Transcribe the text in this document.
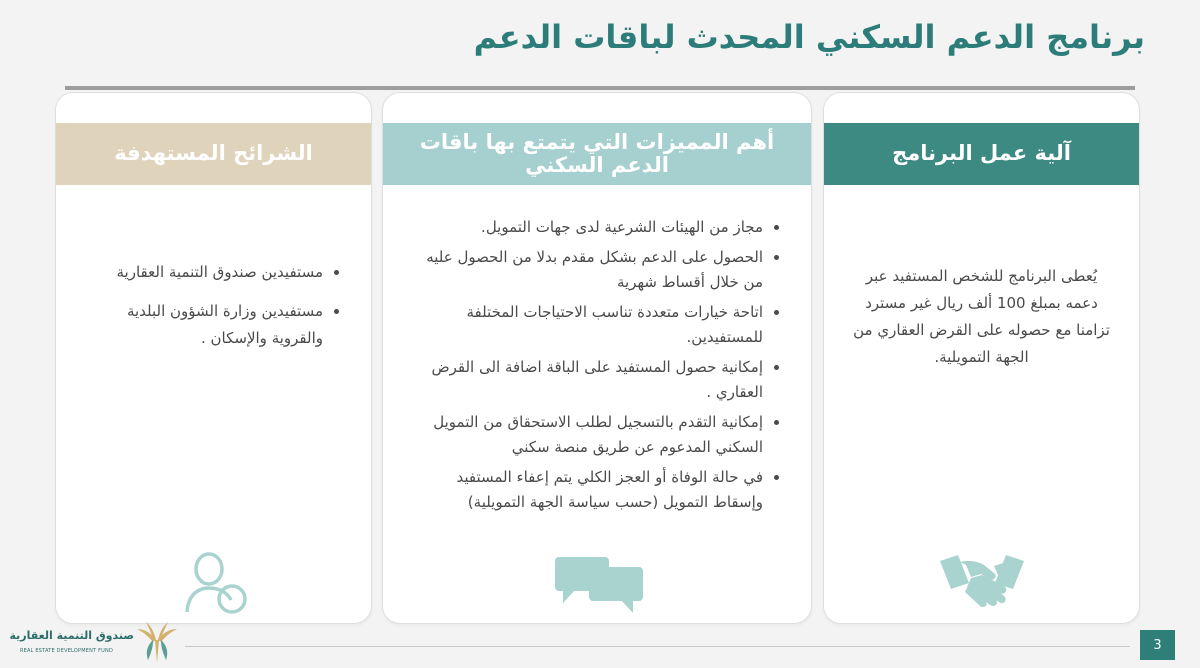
برنامج الدعم السكني المحدث لباقات الدعم
آلية عمل البرنامج
يُعطى البرنامج للشخص المستفيد عبر دعمه بمبلغ 100 ألف ريال غير مسترد تزامنا مع حصوله على القرض العقاري من الجهة التمويلية.
أهم المميزات التي يتمتع بها باقات الدعم السكني
• مجاز من الهيئات الشرعية لدى جهات التمويل.
• الحصول على الدعم بشكل مقدم بدلا من الحصول عليه من خلال أقساط شهرية
• اتاحة خيارات متعددة تناسب الاحتياجات المختلفة للمستفيدين.
• إمكانية حصول المستفيد على الباقة اضافة الى القرض العقاري .
• إمكانية التقدم بالتسجيل لطلب الاستحقاق من التمويل السكني المدعوم عن طريق منصة سكني
• في حالة الوفاة أو العجز الكلي يتم إعفاء المستفيد وإسقاط التمويل (حسب سياسة الجهة التمويلية)
الشرائح المستهدفة
• مستفيدين صندوق التنمية العقارية
• مستفيدين وزارة الشؤون البلدية والقروية والإسكان .
صندوق التنمية العقارية
REAL ESTATE DEVELOPMENT FUND	3
